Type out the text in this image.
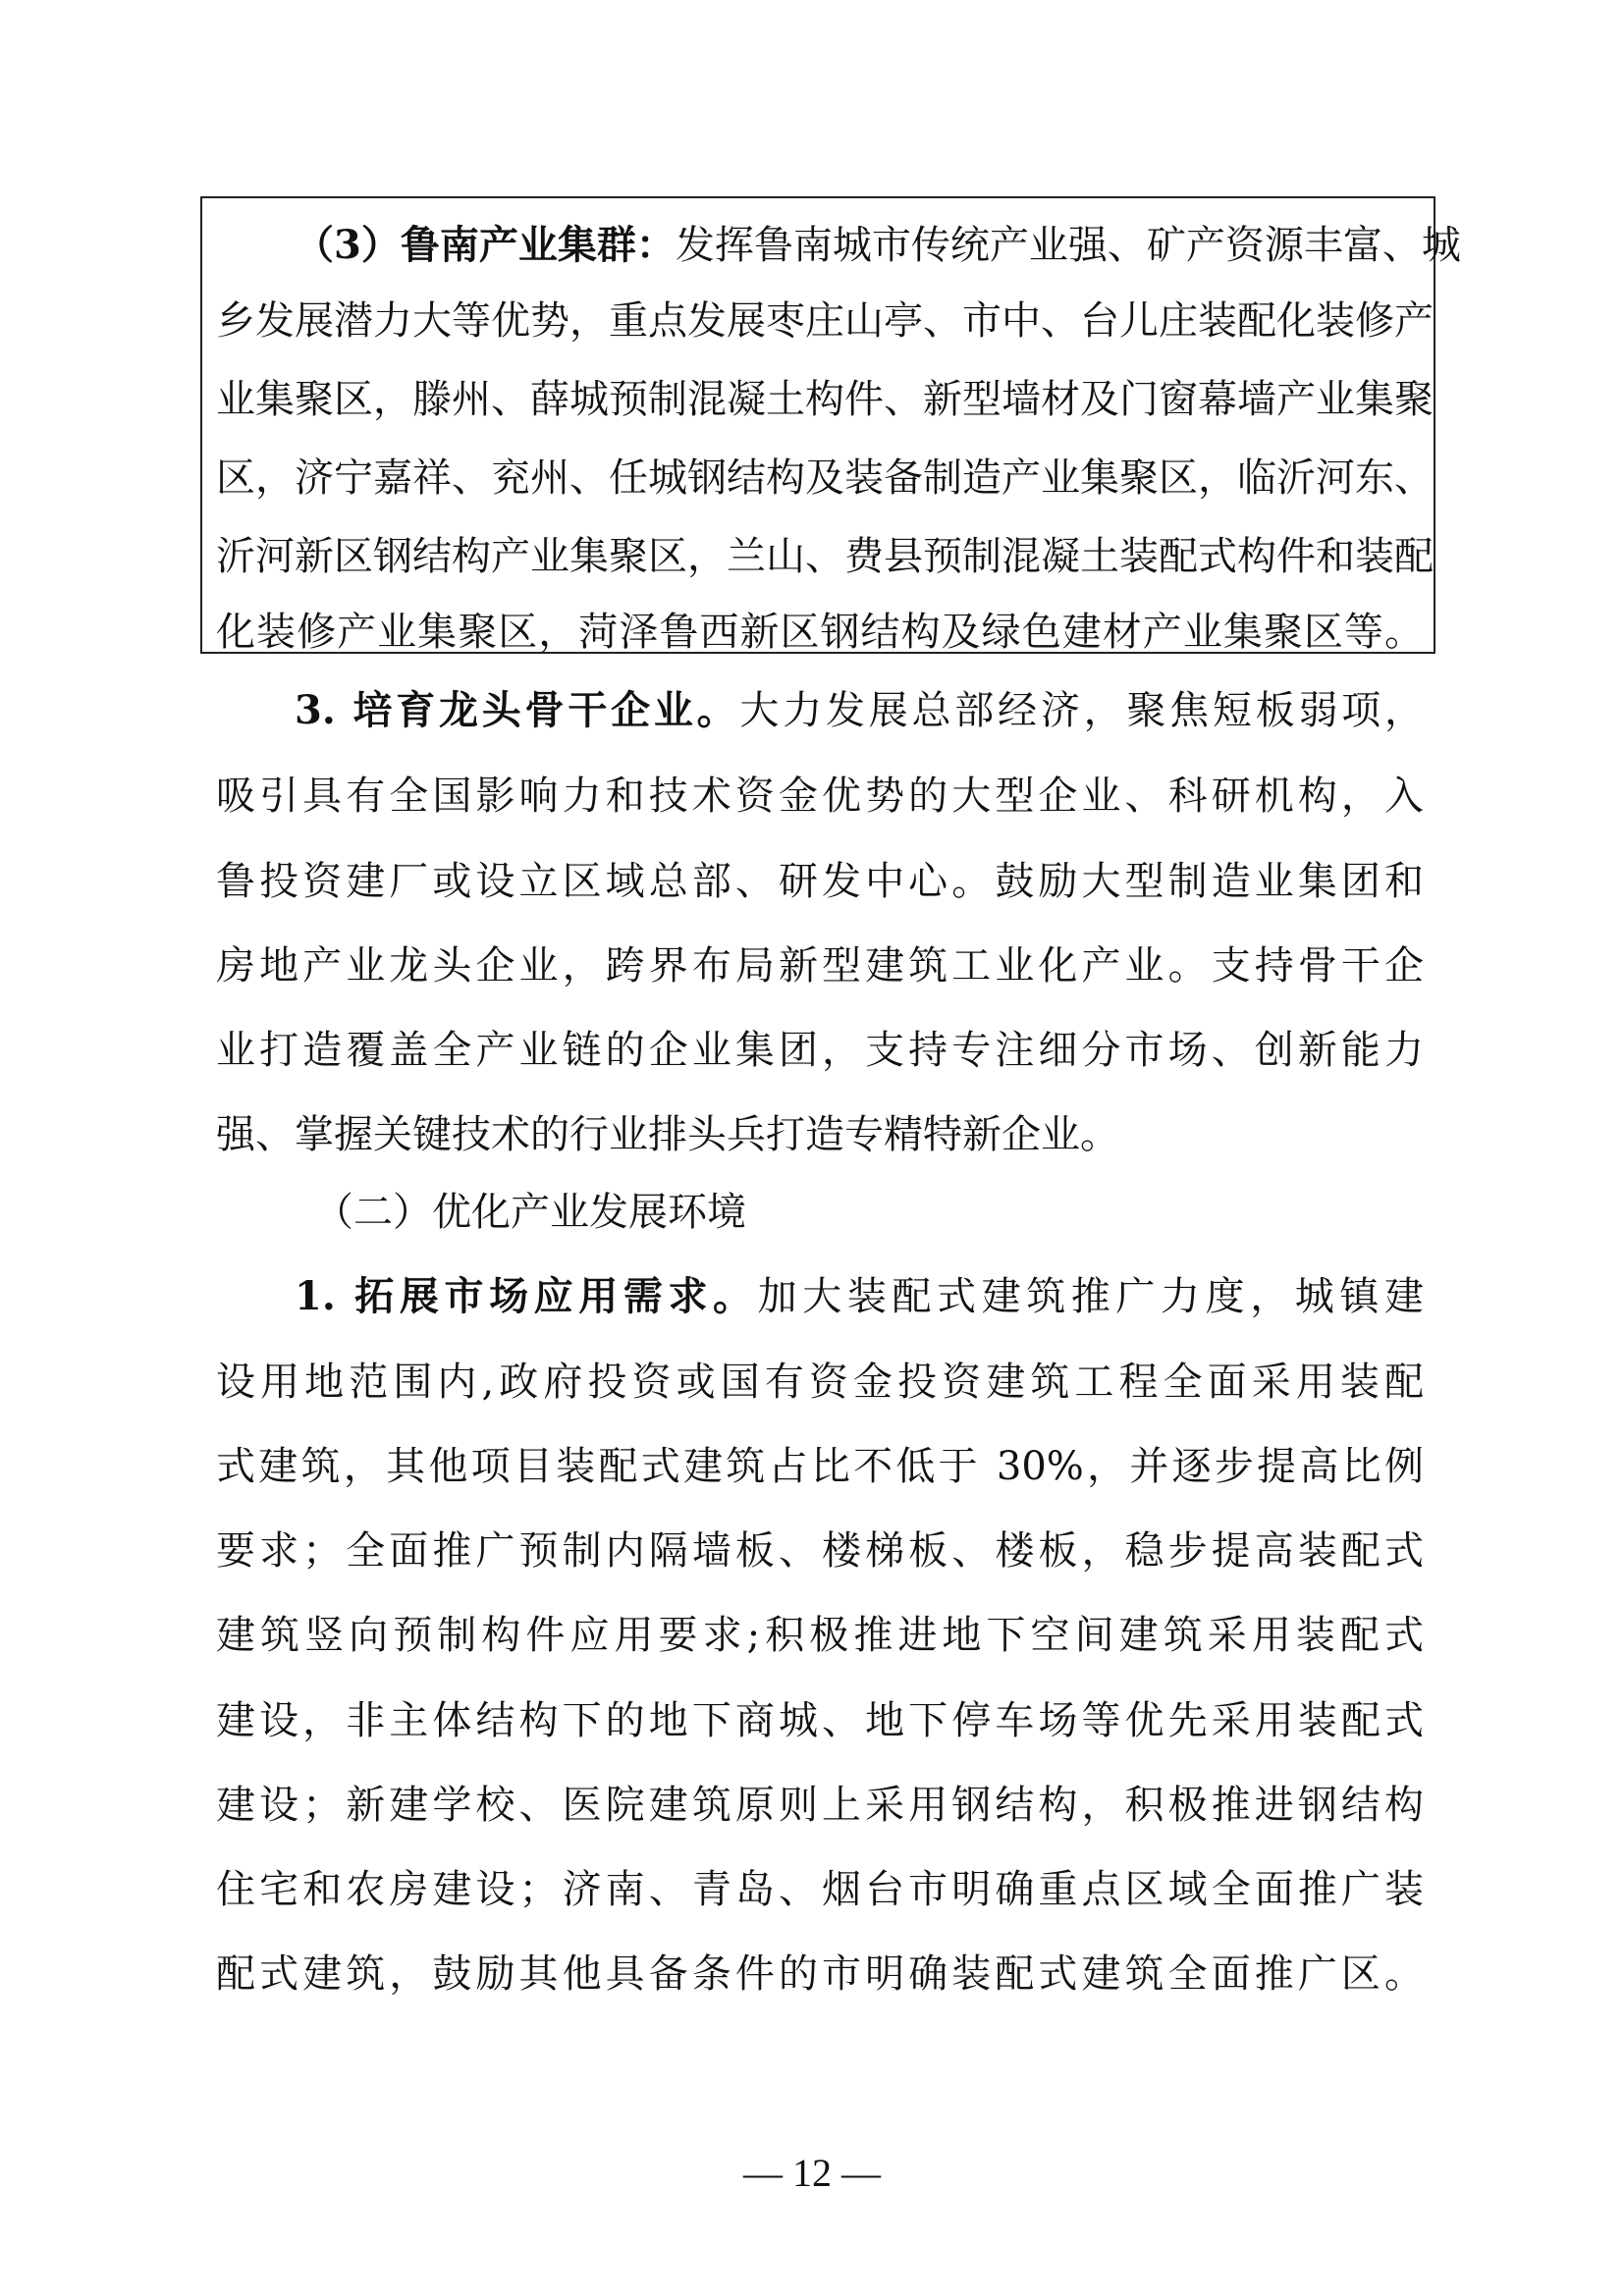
（3）鲁南产业集群：发挥鲁南城市传统产业强、矿产资源丰富、城
乡发展潜力大等优势，重点发展枣庄山亭、市中、台儿庄装配化装修产
业集聚区，滕州、薛城预制混凝土构件、新型墙材及门窗幕墙产业集聚
区，济宁嘉祥、兖州、任城钢结构及装备制造产业集聚区，临沂河东、
沂河新区钢结构产业集聚区，兰山、费县预制混凝土装配式构件和装配
化装修产业集聚区，菏泽鲁西新区钢结构及绿色建材产业集聚区等。
3. 培育龙头骨干企业。大力发展总部经济，聚焦短板弱项，
吸引具有全国影响力和技术资金优势的大型企业、科研机构，入
鲁投资建厂或设立区域总部、研发中心。鼓励大型制造业集团和
房地产业龙头企业，跨界布局新型建筑工业化产业。支持骨干企
业打造覆盖全产业链的企业集团，支持专注细分市场、创新能力
强、掌握关键技术的行业排头兵打造专精特新企业。
（二）优化产业发展环境
1. 拓展市场应用需求。加大装配式建筑推广力度，城镇建
设用地范围内,政府投资或国有资金投资建筑工程全面采用装配
式建筑，其他项目装配式建筑占比不低于 30%，并逐步提高比例
要求；全面推广预制内隔墙板、楼梯板、楼板，稳步提高装配式
建筑竖向预制构件应用要求;积极推进地下空间建筑采用装配式
建设，非主体结构下的地下商城、地下停车场等优先采用装配式
建设；新建学校、医院建筑原则上采用钢结构，积极推进钢结构
住宅和农房建设；济南、青岛、烟台市明确重点区域全面推广装
配式建筑，鼓励其他具备条件的市明确装配式建筑全面推广区。
— 12 —
